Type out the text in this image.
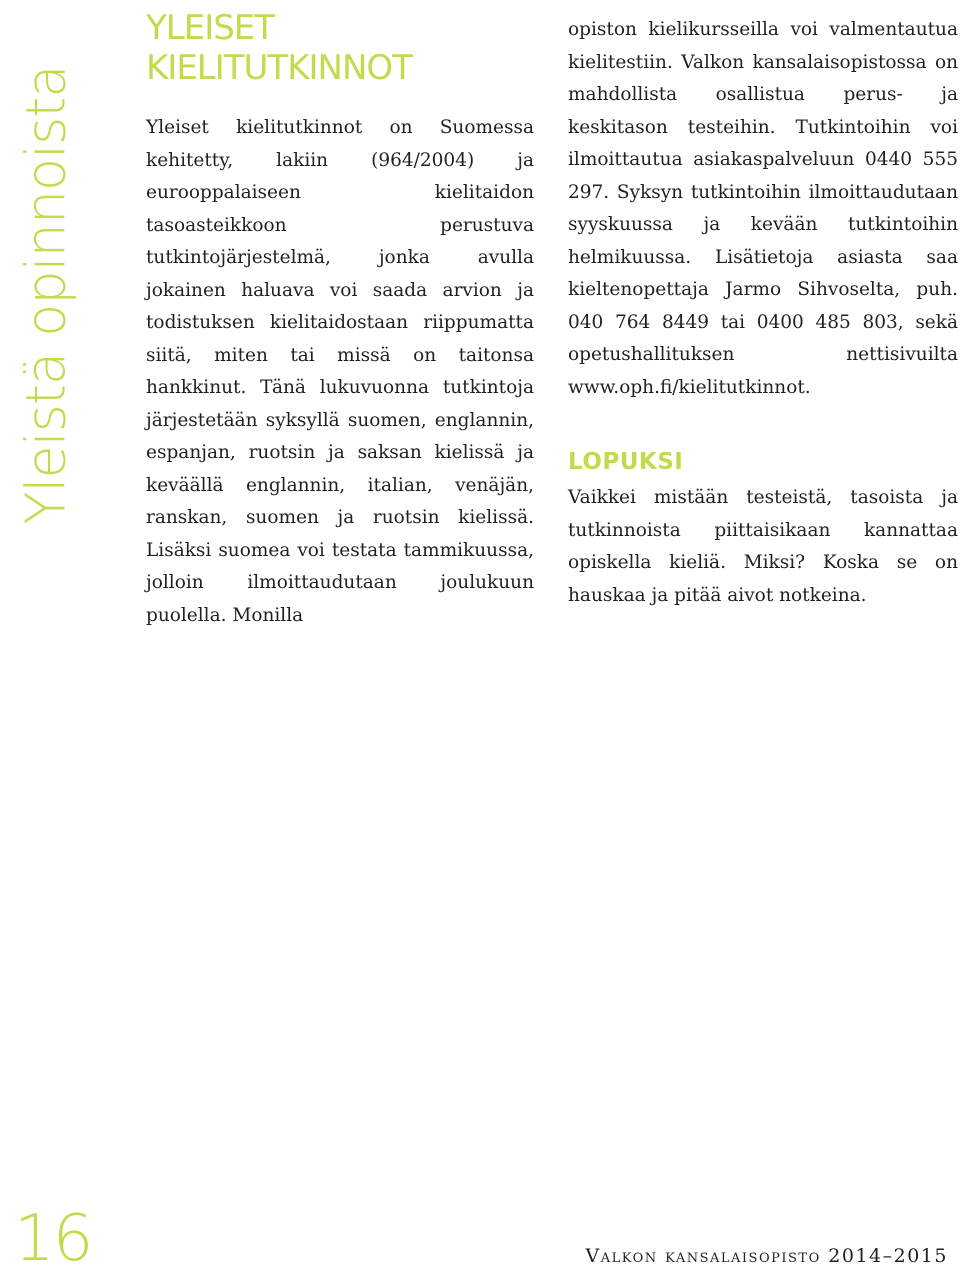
Yleistä opinnoista
16
YLEISET
KIELITUTKINNOT

Yleiset kielitutkinnot on Suomessa kehitetty, lakiin (964/2004) ja eurooppalaiseen kielitaidon tasoasteikkoon perustuva tutkintojärjestelmä, jonka avulla jokainen haluava voi saada arvion ja todistuksen kielitaidostaan riippumatta siitä, miten tai missä on taitonsa hankkinut. Tänä lukuvuonna tutkintoja järjestetään syksyllä suomen, englannin, espanjan, ruotsin ja saksan kielissä ja keväällä englannin, italian, venäjän, ranskan, suomen ja ruotsin kielissä. Lisäksi suomea voi testata tammikuussa, jolloin ilmoittaudutaan joulukuun puolella. Monilla

opiston kielikursseilla voi valmentautua kielitestiin. Valkon kansalaisopistossa on mahdollista osallistua perus- ja keskitason testeihin. Tutkintoihin voi ilmoittautua asiakaspalveluun 0440 555 297. Syksyn tutkintoihin ilmoittaudutaan syyskuussa ja kevään tutkintoihin helmikuussa. Lisätietoja asiasta saa kieltenopettaja Jarmo Sihvoselta, puh. 040 764 8449 tai 0400 485 803, sekä opetushallituksen nettisivuilta www.oph.fi/kielitutkinnot.

LOPUKSI

Vaikkei mistään testeistä, tasoista ja tutkinnoista piittaisikaan kannattaa opiskella kieliä. Miksi? Koska se on hauskaa ja pitää aivot notkeina.

Valkon kansalaisopisto 2014–2015
